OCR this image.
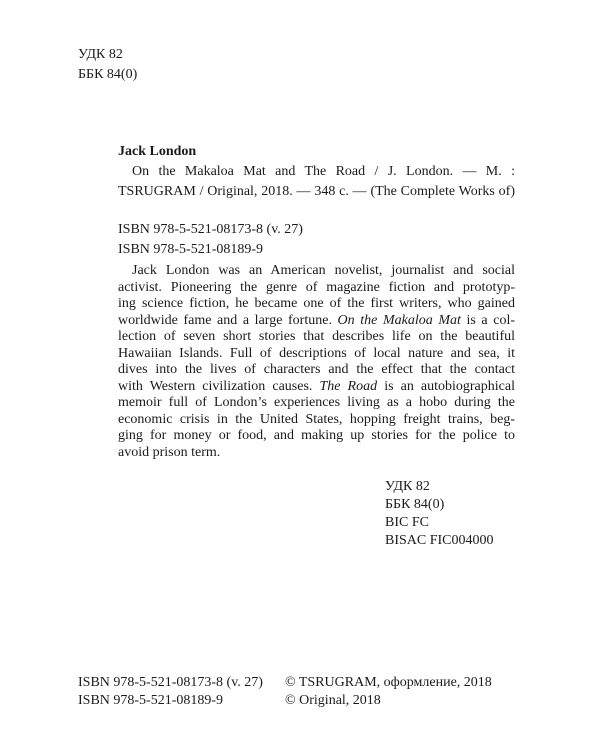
УДК 82
ББК 84(0)
Jack London
On the Makaloa Mat and The Road / J. London. — M. :
TSRUGRAM / Original, 2018. — 348 c. — (The Complete Works of)
ISBN 978-5-521-08173-8 (v. 27)
ISBN 978-5-521-08189-9
Jack London was an American novelist, journalist and social
activist. Pioneering the genre of magazine fiction and prototyp-
ing science fiction, he became one of the first writers, who gained
worldwide fame and a large fortune. On the Makaloa Mat is a col-
lection of seven short stories that describes life on the beautiful
Hawaiian Islands. Full of descriptions of local nature and sea, it
dives into the lives of characters and the effect that the contact
with Western civilization causes. The Road is an autobiographical
memoir full of London’s experiences living as a hobo during the
economic crisis in the United States, hopping freight trains, beg-
ging for money or food, and making up stories for the police to
avoid prison term.
УДК 82
ББК 84(0)
BIC FC
BISAC FIC004000
ISBN 978-5-521-08173-8 (v. 27)
ISBN 978-5-521-08189-9
© TSRUGRAM, оформление, 2018
© Original, 2018
